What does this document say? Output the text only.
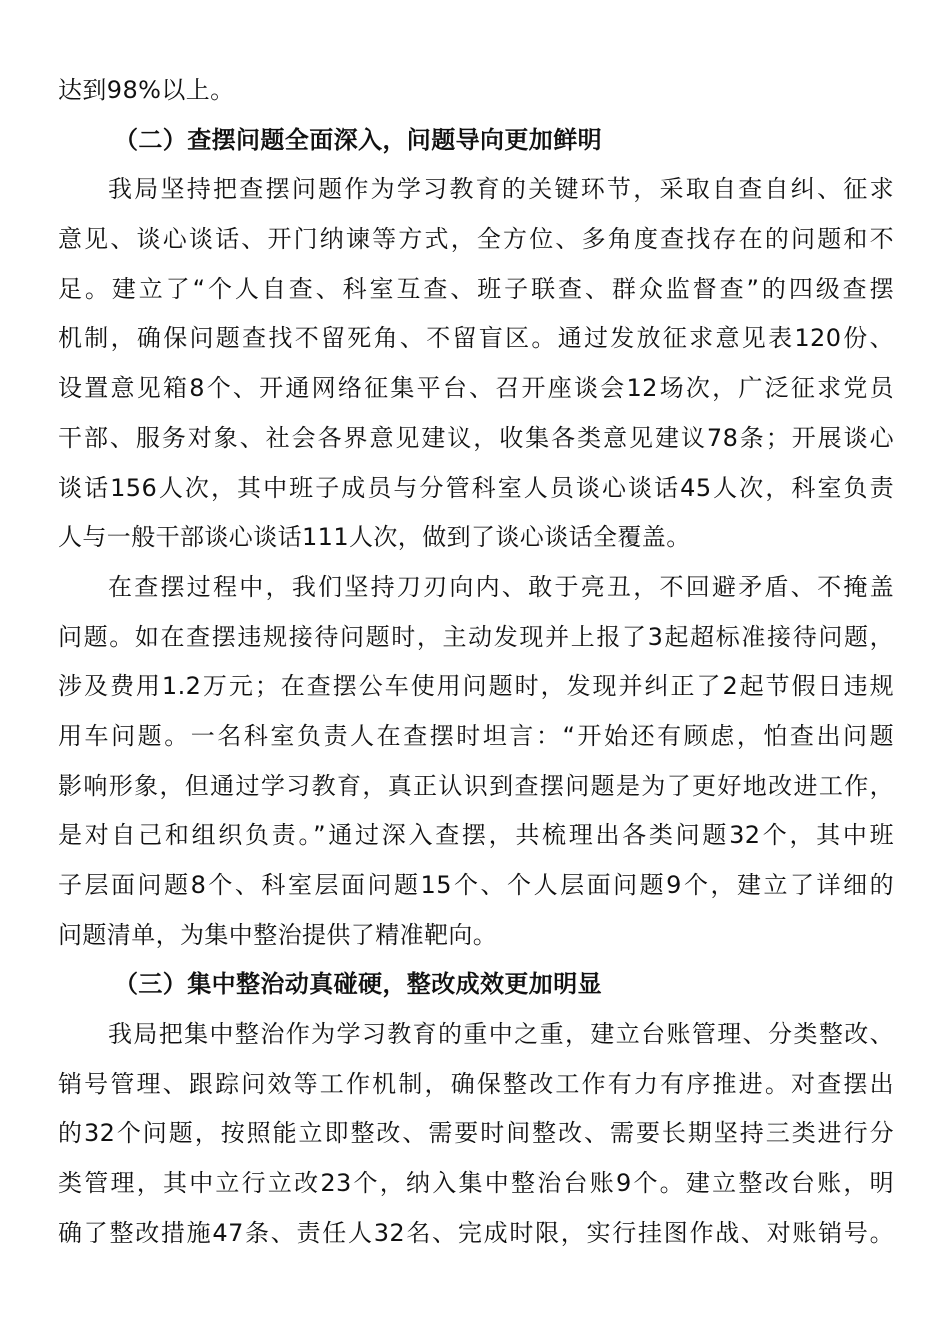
达到98%以上。
（二）查摆问题全面深入，问题导向更加鲜明
我局坚持把查摆问题作为学习教育的关键环节，采取自查自纠、征求
意见、谈心谈话、开门纳谏等方式，全方位、多角度查找存在的问题和不
足。建立了“个人自查、科室互查、班子联查、群众监督查”的四级查摆
机制，确保问题查找不留死角、不留盲区。通过发放征求意见表120份、
设置意见箱8个、开通网络征集平台、召开座谈会12场次，广泛征求党员
干部、服务对象、社会各界意见建议，收集各类意见建议78条；开展谈心
谈话156人次，其中班子成员与分管科室人员谈心谈话45人次，科室负责
人与一般干部谈心谈话111人次，做到了谈心谈话全覆盖。
在查摆过程中，我们坚持刀刃向内、敢于亮丑，不回避矛盾、不掩盖
问题。如在查摆违规接待问题时，主动发现并上报了3起超标准接待问题，
涉及费用1.2万元；在查摆公车使用问题时，发现并纠正了2起节假日违规
用车问题。一名科室负责人在查摆时坦言：“开始还有顾虑，怕查出问题
影响形象，但通过学习教育，真正认识到查摆问题是为了更好地改进工作，
是对自己和组织负责。”通过深入查摆，共梳理出各类问题32个，其中班
子层面问题8个、科室层面问题15个、个人层面问题9个，建立了详细的
问题清单，为集中整治提供了精准靶向。
（三）集中整治动真碰硬，整改成效更加明显
我局把集中整治作为学习教育的重中之重，建立台账管理、分类整改、
销号管理、跟踪问效等工作机制，确保整改工作有力有序推进。对查摆出
的32个问题，按照能立即整改、需要时间整改、需要长期坚持三类进行分
类管理，其中立行立改23个，纳入集中整治台账9个。建立整改台账，明
确了整改措施47条、责任人32名、完成时限，实行挂图作战、对账销号。
